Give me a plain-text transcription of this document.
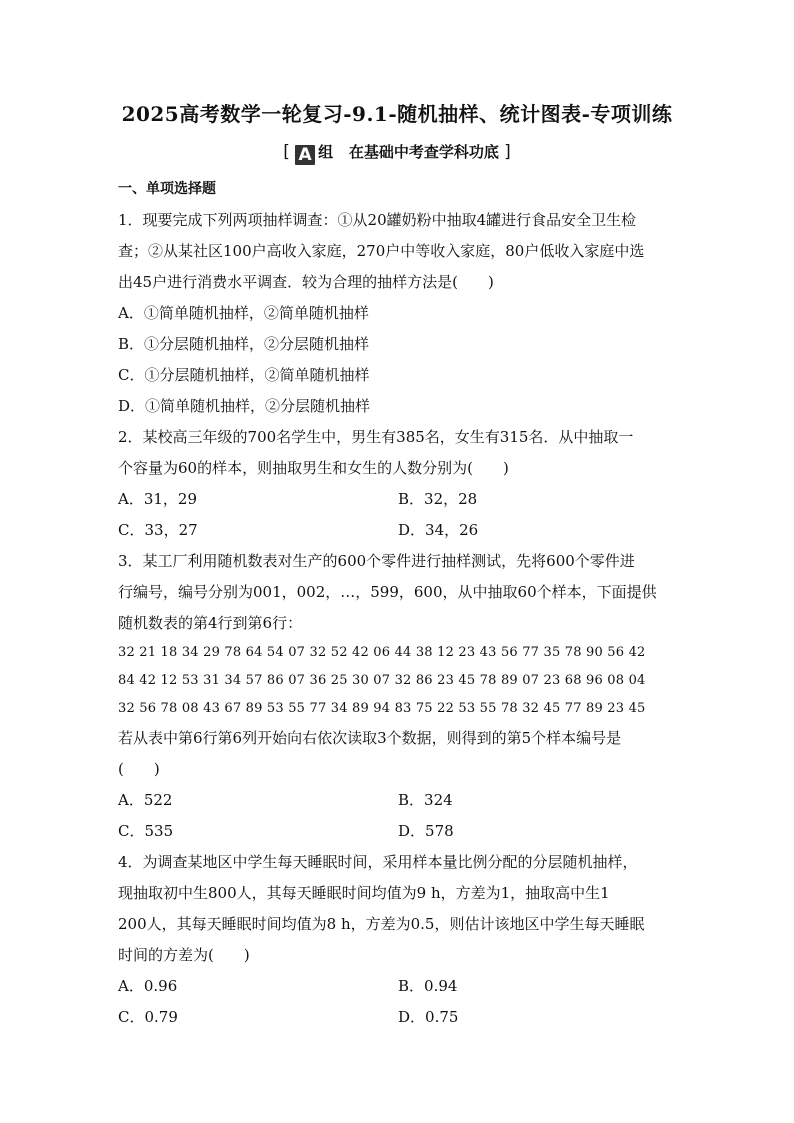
2025高考数学一轮复习-9.1-随机抽样、统计图表-专项训练
[ A 组 在基础中考查学科功底 ]
一、单项选择题
1．现要完成下列两项抽样调查：①从20罐奶粉中抽取4罐进行食品安全卫生检
查；②从某社区100户高收入家庭，270户中等收入家庭，80户低收入家庭中选
出45户进行消费水平调查．较为合理的抽样方法是(　　)
A．①简单随机抽样，②简单随机抽样
B．①分层随机抽样，②分层随机抽样
C．①分层随机抽样，②简单随机抽样
D．①简单随机抽样，②分层随机抽样
2．某校高三年级的700名学生中，男生有385名，女生有315名．从中抽取一
个容量为60的样本，则抽取男生和女生的人数分别为(　　)
A．31，29	B．32，28
C．33，27	D．34，26
3．某工厂利用随机数表对生产的600个零件进行抽样测试，先将600个零件进
行编号，编号分别为001，002，…，599，600，从中抽取60个样本，下面提供
随机数表的第4行到第6行：
32 21 18 34 29 78 64 54 07 32 52 42 06 44 38 12 23 43 56 77 35 78 90 56 42
84 42 12 53 31 34 57 86 07 36 25 30 07 32 86 23 45 78 89 07 23 68 96 08 04
32 56 78 08 43 67 89 53 55 77 34 89 94 83 75 22 53 55 78 32 45 77 89 23 45
若从表中第6行第6列开始向右依次读取3个数据，则得到的第5个样本编号是
(　　)
A．522	B．324
C．535	D．578
4．为调查某地区中学生每天睡眠时间，采用样本量比例分配的分层随机抽样，
现抽取初中生800人，其每天睡眠时间均值为9 h，方差为1，抽取高中生1
200人，其每天睡眠时间均值为8 h，方差为0.5，则估计该地区中学生每天睡眠
时间的方差为(　　)
A．0.96	B．0.94
C．0.79	D．0.75
